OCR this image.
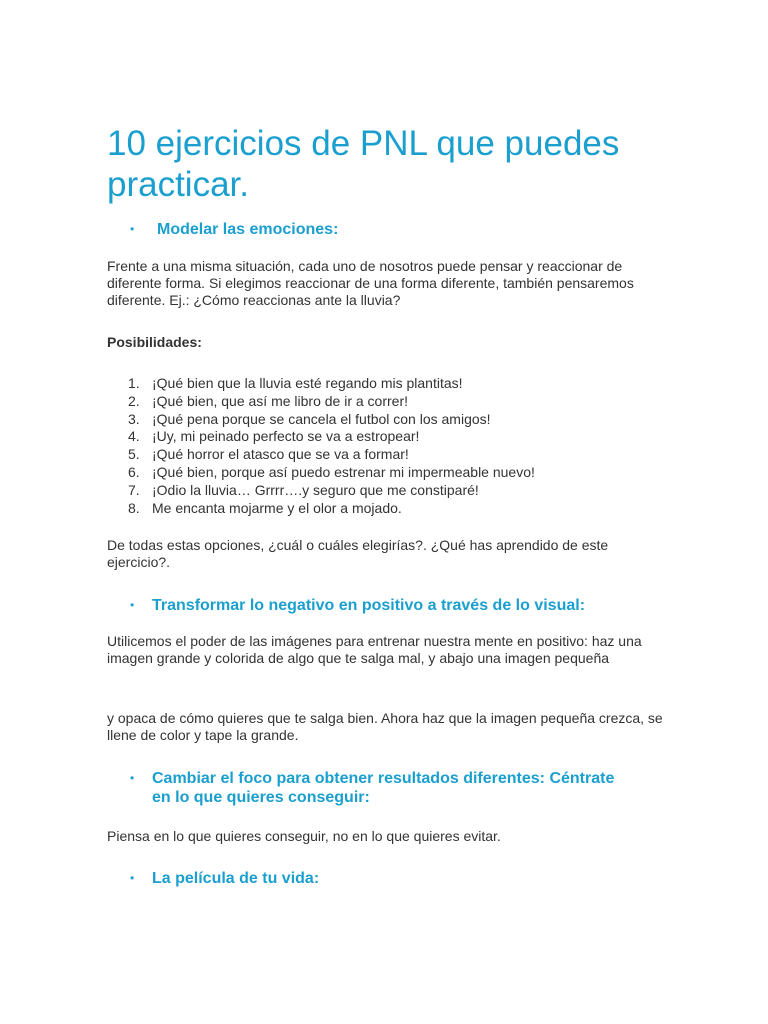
10 ejercicios de PNL que puedes practicar.
• Modelar las emociones:

Frente a una misma situación, cada uno de nosotros puede pensar y reaccionar de diferente forma. Si elegimos reaccionar de una forma diferente, también pensaremos diferente. Ej.: ¿Cómo reaccionas ante la lluvia?

Posibilidades:

1. ¡Qué bien que la lluvia esté regando mis plantitas!
2. ¡Qué bien, que así me libro de ir a correr!
3. ¡Qué pena porque se cancela el futbol con los amigos!
4. ¡Uy, mi peinado perfecto se va a estropear!
5. ¡Qué horror el atasco que se va a formar!
6. ¡Qué bien, porque así puedo estrenar mi impermeable nuevo!
7. ¡Odio la lluvia… Grrrr….y seguro que me constiparé!
8. Me encanta mojarme y el olor a mojado.

De todas estas opciones, ¿cuál o cuáles elegirías?. ¿Qué has aprendido de este ejercicio?.

• Transformar lo negativo en positivo a través de lo visual:

Utilicemos el poder de las imágenes para entrenar nuestra mente en positivo: haz una imagen grande y colorida de algo que te salga mal, y abajo una imagen pequeña

y opaca de cómo quieres que te salga bien. Ahora haz que la imagen pequeña crezca, se llene de color y tape la grande.

• Cambiar el foco para obtener resultados diferentes: Céntrate
en lo que quieres conseguir:

Piensa en lo que quieres conseguir, no en lo que quieres evitar.

• La película de tu vida:
